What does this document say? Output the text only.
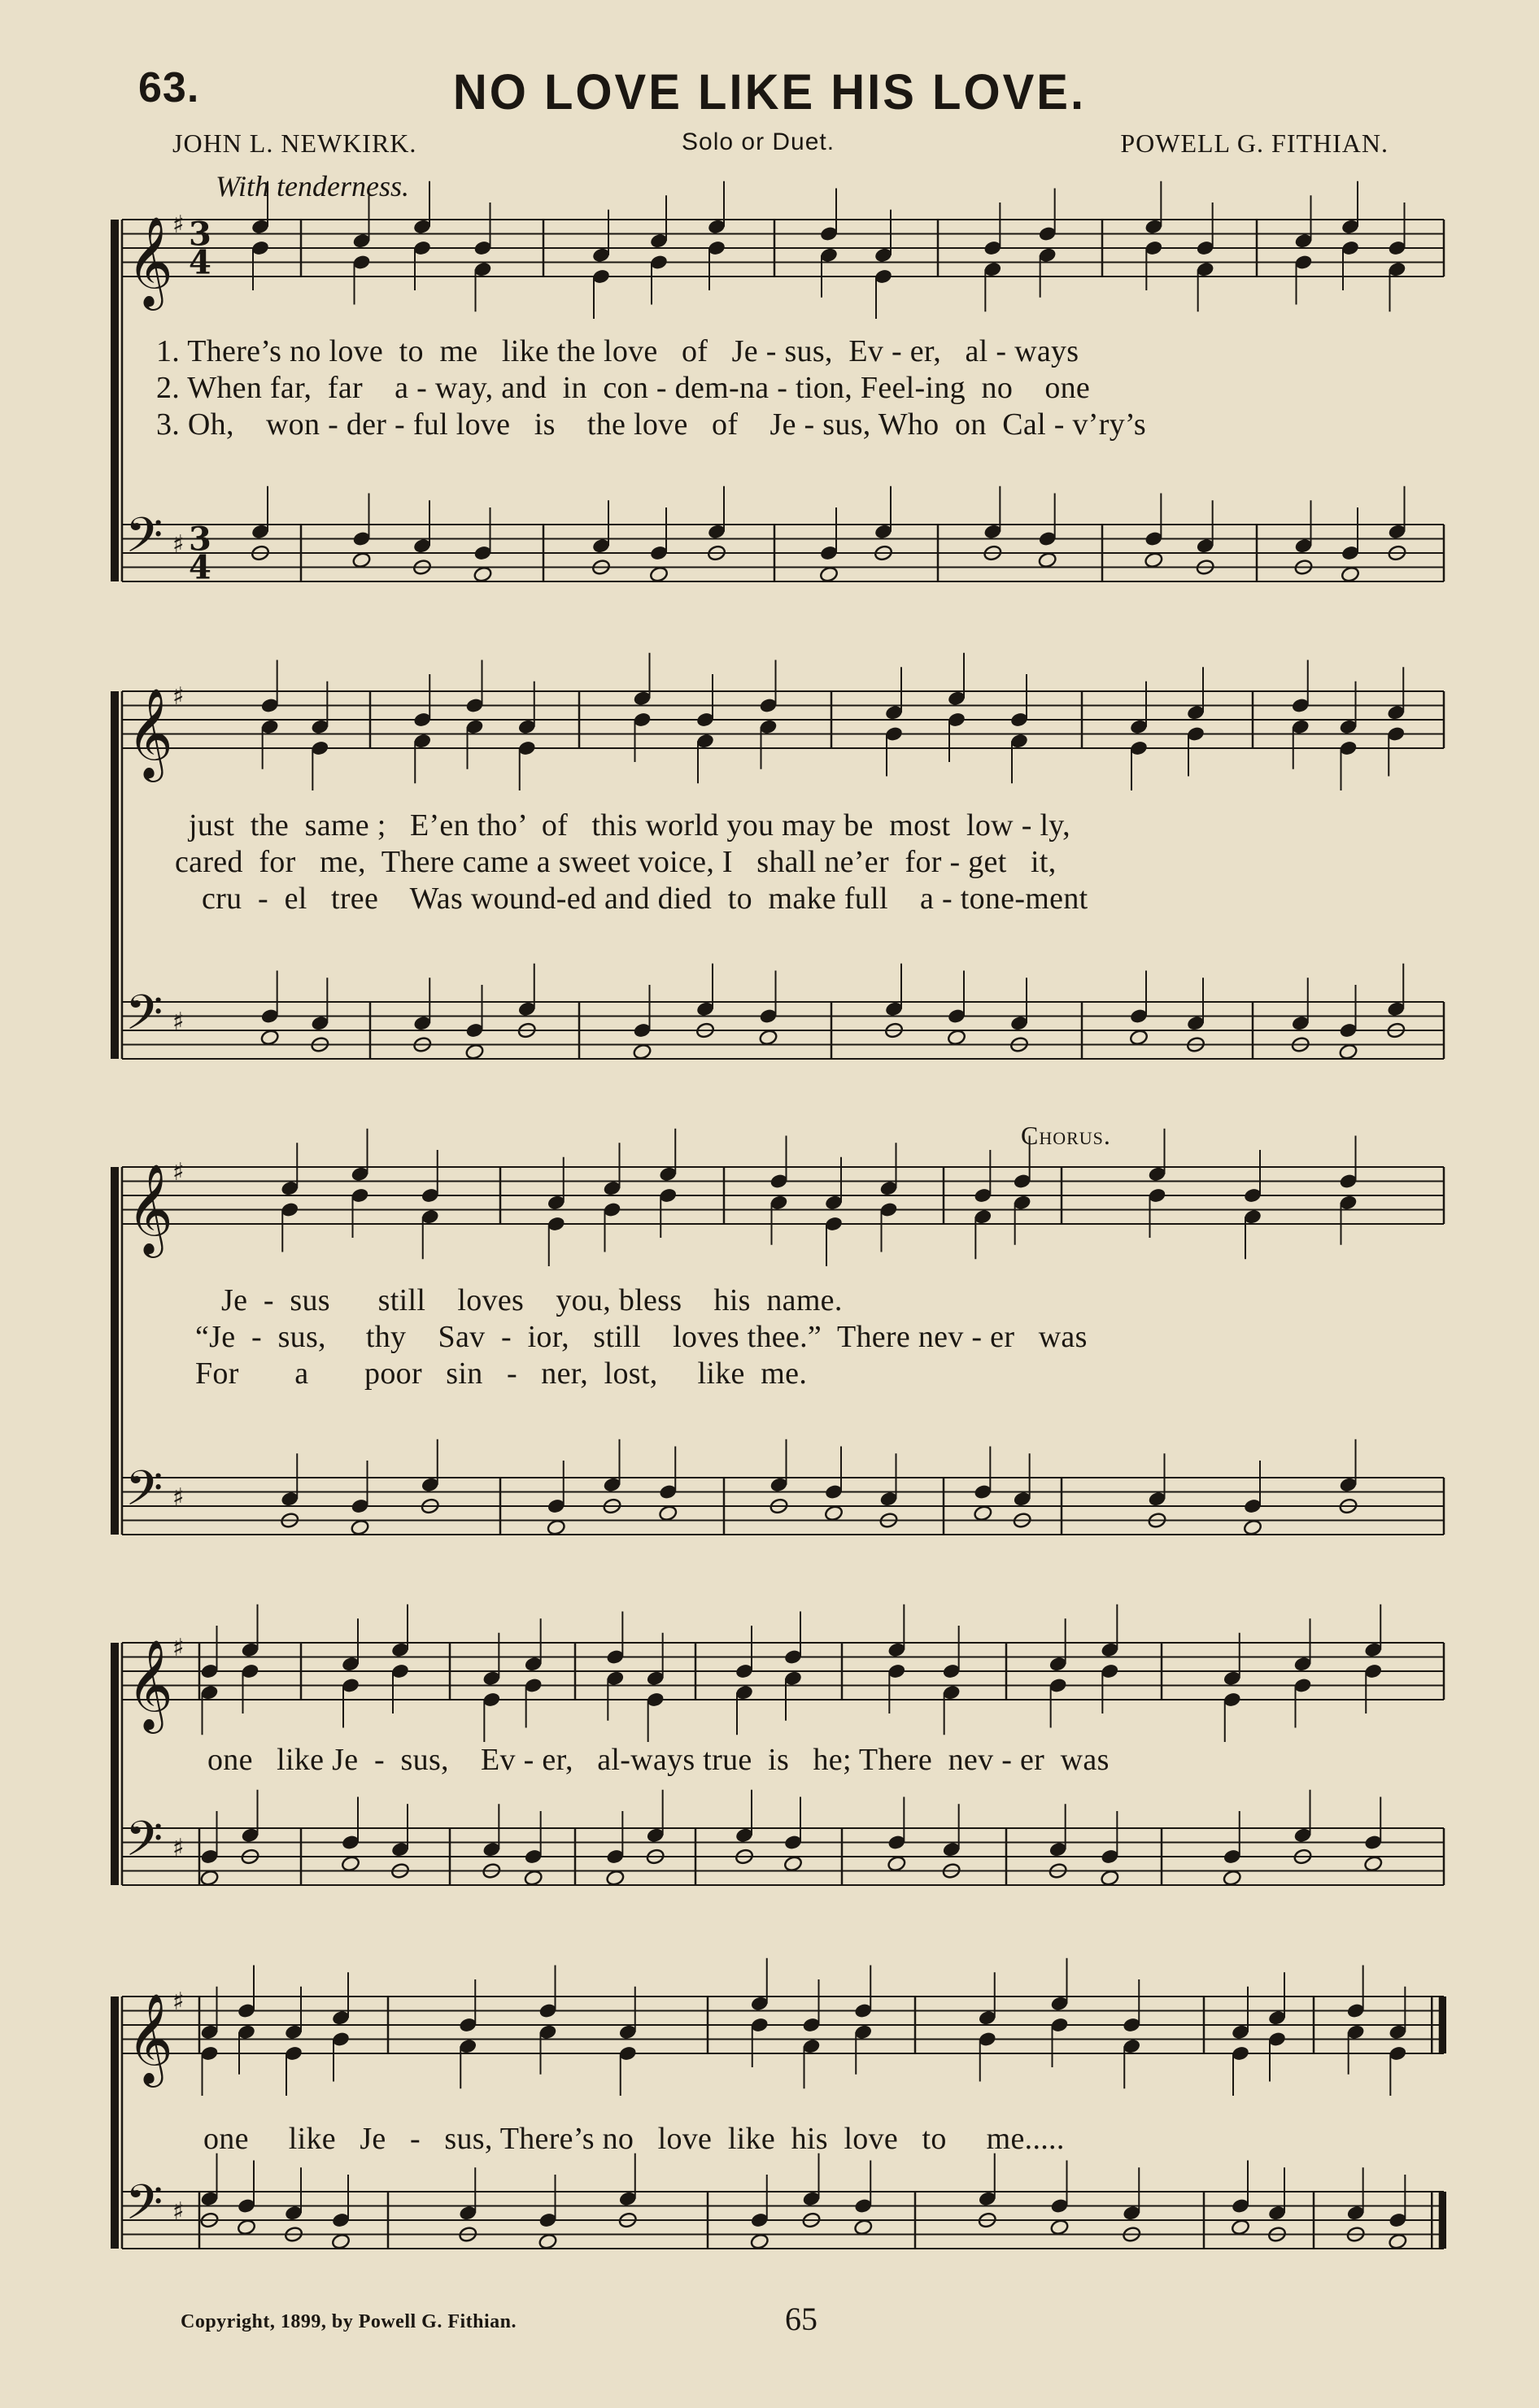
63.	NO LOVE LIKE HIS LOVE.
JOHN L. NEWKIRK.	Solo or Duet.	POWELL G. FITHIAN.
With tenderness.
Chorus.
𝄞
𝄢
♯
♯
3
4
3
4
𝄞
𝄢
♯
♯
𝄞
𝄢
♯
♯
𝄞
𝄢
♯
♯
𝄞
𝄢
♯
♯
1. There’s no love  to  me   like the love   of   Je - sus,  Ev - er,   al - ways
2. When far,  far    a - way, and  in  con - dem-na - tion, Feel-ing  no    one
3. Oh,    won - der - ful love   is    the love   of    Je - sus, Who  on  Cal - v’ry’s
just  the  same ;   E’en tho’  of   this world you may be  most  low - ly,
cared  for   me,  There came a sweet voice, I   shall ne’er  for - get   it,
cru  -  el   tree    Was wound-ed and died  to  make full    a - tone-ment
Je  -  sus      still    loves    you, bless    his  name.
“Je  -  sus,     thy    Sav  -  ior,   still    loves thee.”  There nev - er   was
For       a       poor   sin   -   ner,  lost,     like  me.
one   like Je  -  sus,    Ev - er,   al-ways true  is   he; There  nev - er  was
one     like   Je   -   sus, There’s no   love  like  his  love   to     me.....
Copyright, 1899, by Powell G. Fithian.	65
